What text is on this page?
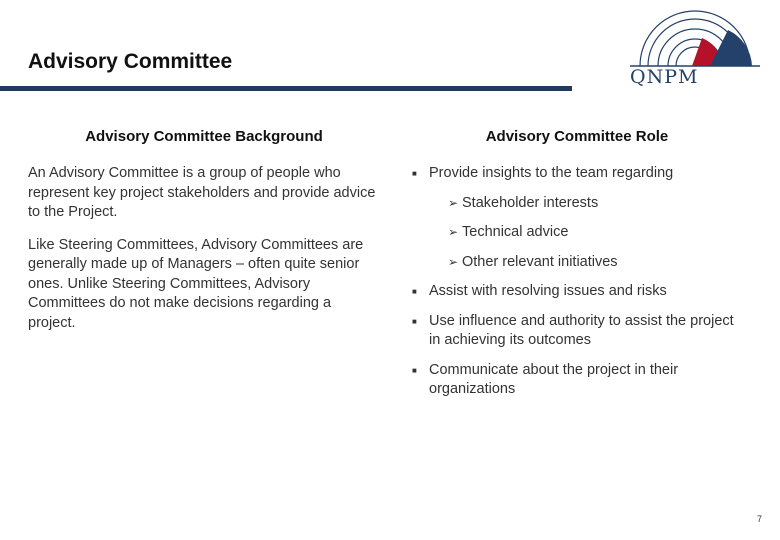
Advisory Committee
QNPM
Advisory Committee Background

An Advisory Committee is a group of people who represent key project stakeholders and provide advice to the Project.

Like Steering Committees, Advisory Committees are generally made up of Managers – often quite senior ones. Unlike Steering Committees, Advisory Committees do not make decisions regarding a project.

Advisory Committee Role
■ Provide insights to the team regarding
➢ Stakeholder interests
➢ Technical advice
➢ Other relevant initiatives
■ Assist with resolving issues and risks
■ Use influence and authority to assist the project in achieving its outcomes
■ Communicate about the project in their organizations
7
